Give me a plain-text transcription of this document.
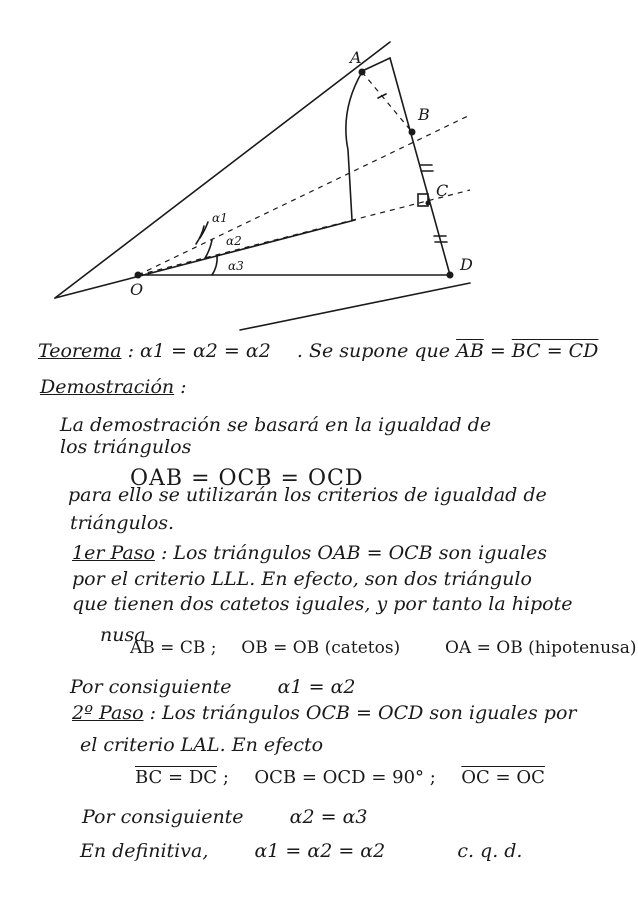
A
B
C
D
O
α1
α2
α3
Teorema : α1 = α2 = α2 . Se supone que $\overline{AB}$ = BC = CD
Demostración :
La demostración se basará en la igualdad de
los triángulos
OAB = OCB = OCD
para ello se utilizarán los criterios de igualdad de
triángulos.
1er Paso : Los triángulos OAB = OCB son iguales
por el criterio LLL. En efecto, son dos triángulo
que tienen dos catetos iguales, y por tanto la hipote
nusa
AB = CB ; OB = OB (catetos)	OA = OB (hipotenusa)
Por consiguiente α1 = α2
2º Paso : Los triángulos OCB = OCD son iguales por
el criterio LAL. En efecto
BC = DC ; OCB = OCD = 90° ; OC = OC
Por consiguiente α2 = α3
En definitiva, α1 = α2 = α2	c. q. d.
